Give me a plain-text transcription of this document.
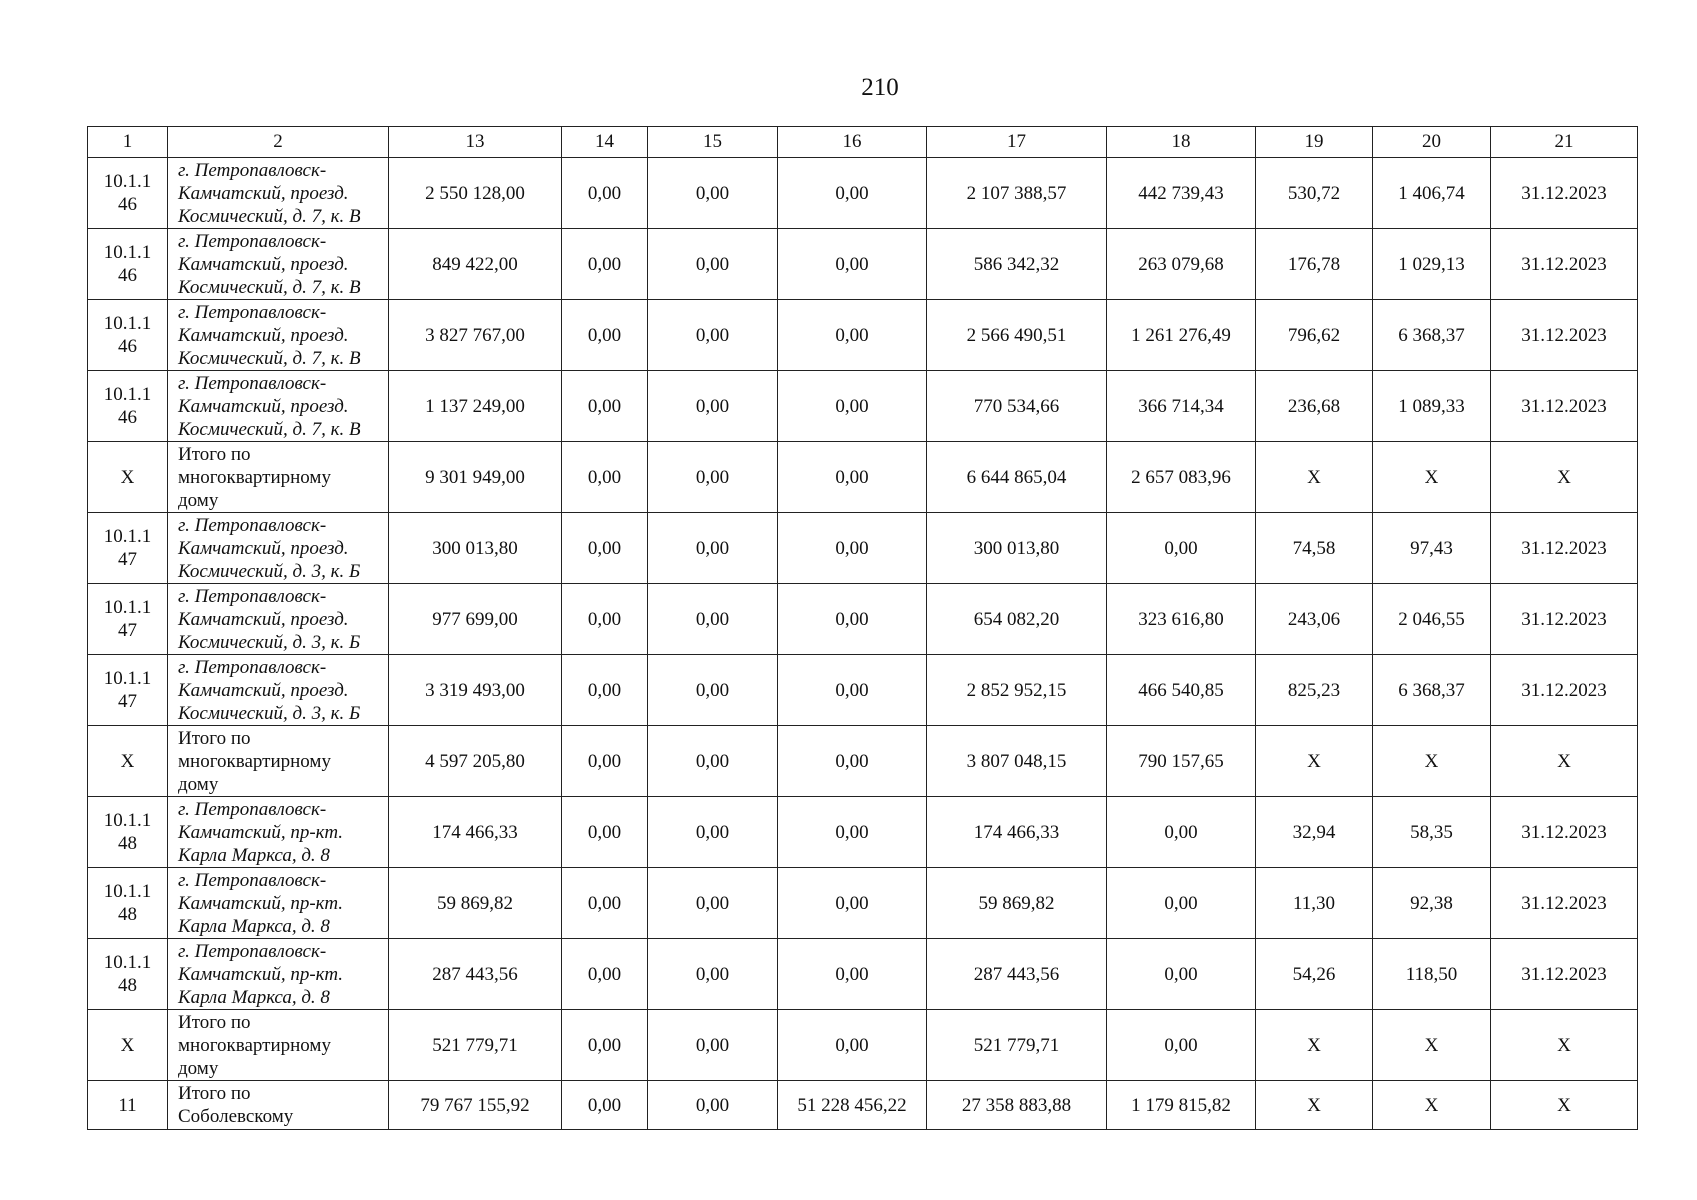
210
1	2	13	14	15	16	17	18	19	20	21

10.1.1
46	г. Петропавловск-
Камчатский, проезд.
Космический, д. 7, к. В	2 550 128,00	0,00	0,00	0,00	2 107 388,57	442 739,43	530,72	1 406,74	31.12.2023

10.1.1
46	г. Петропавловск-
Камчатский, проезд.
Космический, д. 7, к. В	849 422,00	0,00	0,00	0,00	586 342,32	263 079,68	176,78	1 029,13	31.12.2023

10.1.1
46	г. Петропавловск-
Камчатский, проезд.
Космический, д. 7, к. В	3 827 767,00	0,00	0,00	0,00	2 566 490,51	1 261 276,49	796,62	6 368,37	31.12.2023

10.1.1
46	г. Петропавловск-
Камчатский, проезд.
Космический, д. 7, к. В	1 137 249,00	0,00	0,00	0,00	770 534,66	366 714,34	236,68	1 089,33	31.12.2023

X	Итого по
многоквартирному
дому	9 301 949,00	0,00	0,00	0,00	6 644 865,04	2 657 083,96	X	X	X

10.1.1
47	г. Петропавловск-
Камчатский, проезд.
Космический, д. 3, к. Б	300 013,80	0,00	0,00	0,00	300 013,80	0,00	74,58	97,43	31.12.2023

10.1.1
47	г. Петропавловск-
Камчатский, проезд.
Космический, д. 3, к. Б	977 699,00	0,00	0,00	0,00	654 082,20	323 616,80	243,06	2 046,55	31.12.2023

10.1.1
47	г. Петропавловск-
Камчатский, проезд.
Космический, д. 3, к. Б	3 319 493,00	0,00	0,00	0,00	2 852 952,15	466 540,85	825,23	6 368,37	31.12.2023

X	Итого по
многоквартирному
дому	4 597 205,80	0,00	0,00	0,00	3 807 048,15	790 157,65	X	X	X

10.1.1
48	г. Петропавловск-
Камчатский, пр-кт.
Карла Маркса, д. 8	174 466,33	0,00	0,00	0,00	174 466,33	0,00	32,94	58,35	31.12.2023

10.1.1
48	г. Петропавловск-
Камчатский, пр-кт.
Карла Маркса, д. 8	59 869,82	0,00	0,00	0,00	59 869,82	0,00	11,30	92,38	31.12.2023

10.1.1
48	г. Петропавловск-
Камчатский, пр-кт.
Карла Маркса, д. 8	287 443,56	0,00	0,00	0,00	287 443,56	0,00	54,26	118,50	31.12.2023

X	Итого по
многоквартирному
дому	521 779,71	0,00	0,00	0,00	521 779,71	0,00	X	X	X

11	Итого по
Соболевскому	79 767 155,92	0,00	0,00	51 228 456,22	27 358 883,88	1 179 815,82	X	X	X
